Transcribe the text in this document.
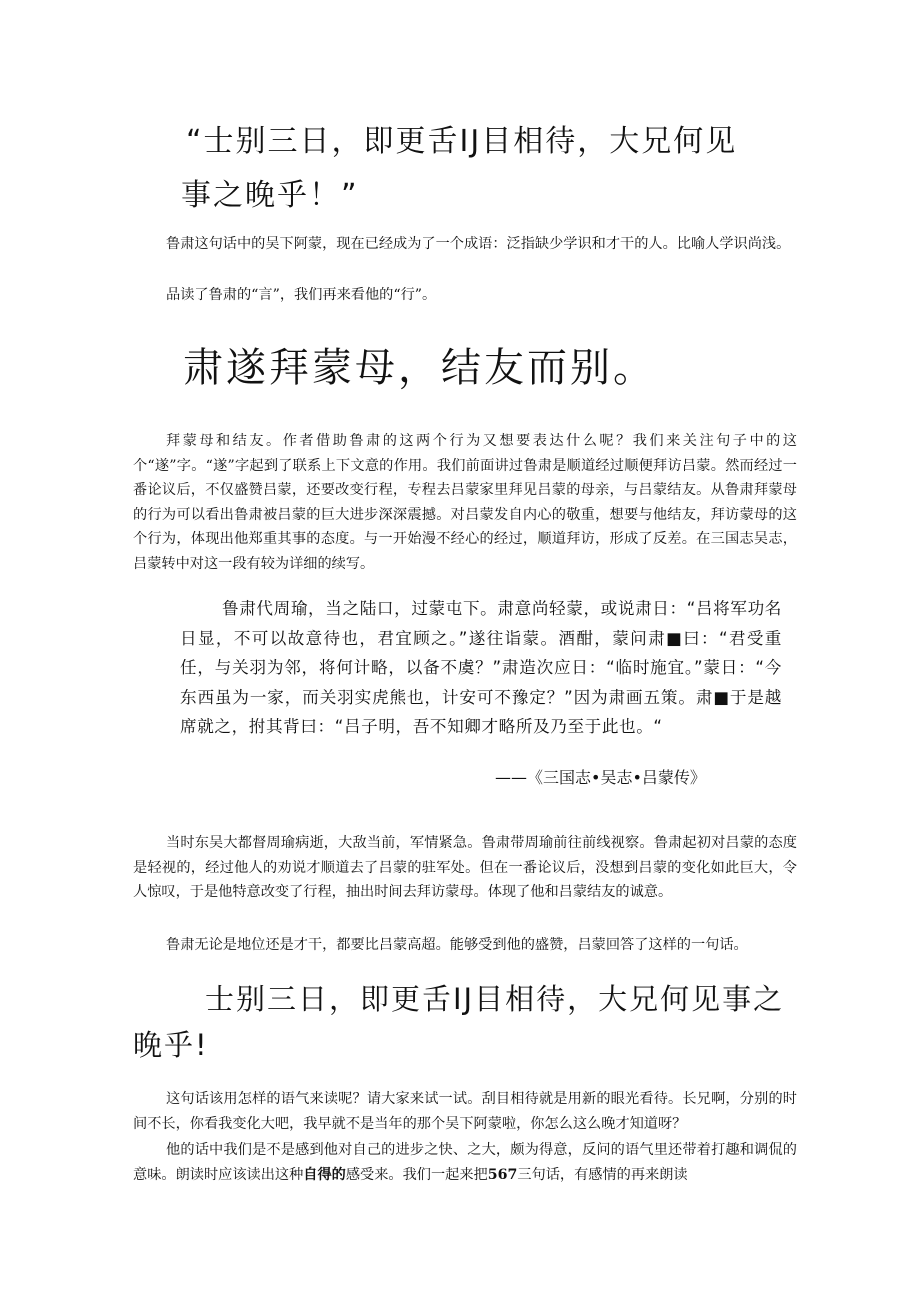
“士别三日，即更舌IJ目相待，大兄何见
事之晚乎！”

鲁肃这句话中的吴下阿蒙，现在已经成为了一个成语：泛指缺少学识和才干的人。比喻人学识尚浅。

品读了鲁肃的“言”，我们再来看他的“行”。

肃遂拜蒙母，结友而别。

拜蒙母和结友。作者借助鲁肃的这两个行为又想要表达什么呢？我们来关注句子中的这个“遂”字。“遂”字起到了联系上下文意的作用。我们前面讲过鲁肃是顺道经过顺便拜访吕蒙。然而经过一番论议后，不仅盛赞吕蒙，还要改变行程，专程去吕蒙家里拜见吕蒙的母亲，与吕蒙结友。从鲁肃拜蒙母的行为可以看出鲁肃被吕蒙的巨大进步深深震撼。对吕蒙发自内心的敬重，想要与他结友，拜访蒙母的这个行为，体现出他郑重其事的态度。与一开始漫不经心的经过，顺道拜访，形成了反差。在三国志吴志，吕蒙转中对这一段有较为详细的续写。

鲁肃代周瑜，当之陆口，过蒙屯下。肃意尚轻蒙，或说肃日：“吕将军功名日显，不可以故意待也，君宜顾之。”遂往诣蒙。酒酣，蒙问肃■曰：“君受重任，与关羽为邻，将何计略，以备不虞？”肃造次应日：“临时施宜。”蒙日：“今东西虽为一家，而关羽实虎熊也，计安可不豫定？”因为肃画五策。肃■于是越席就之，拊其背曰：“吕子明，吾不知卿才略所及乃至于此也。“

——《三国志•吴志•吕蒙传》

当时东吴大都督周瑜病逝，大敌当前，军情紧急。鲁肃带周瑜前往前线视察。鲁肃起初对吕蒙的态度是轻视的，经过他人的劝说才顺道去了吕蒙的驻军处。但在一番论议后，没想到吕蒙的变化如此巨大，令人惊叹，于是他特意改变了行程，抽出时间去拜访蒙母。体现了他和吕蒙结友的诚意。

鲁肃无论是地位还是才干，都要比吕蒙高超。能够受到他的盛赞，吕蒙回答了这样的一句话。

士别三日，即更舌IJ目相待，大兄何见事之晚乎!

这句话该用怎样的语气来读呢？请大家来试一试。刮目相待就是用新的眼光看待。长兄啊，分别的时间不长，你看我变化大吧，我早就不是当年的那个吴下阿蒙啦，你怎么这么晚才知道呀？

他的话中我们是不是感到他对自己的进步之快、之大，颇为得意，反问的语气里还带着打趣和调侃的意味。朗读时应该读出这种自得的感受来。我们一起来把567三句话，有感情的再来朗读
